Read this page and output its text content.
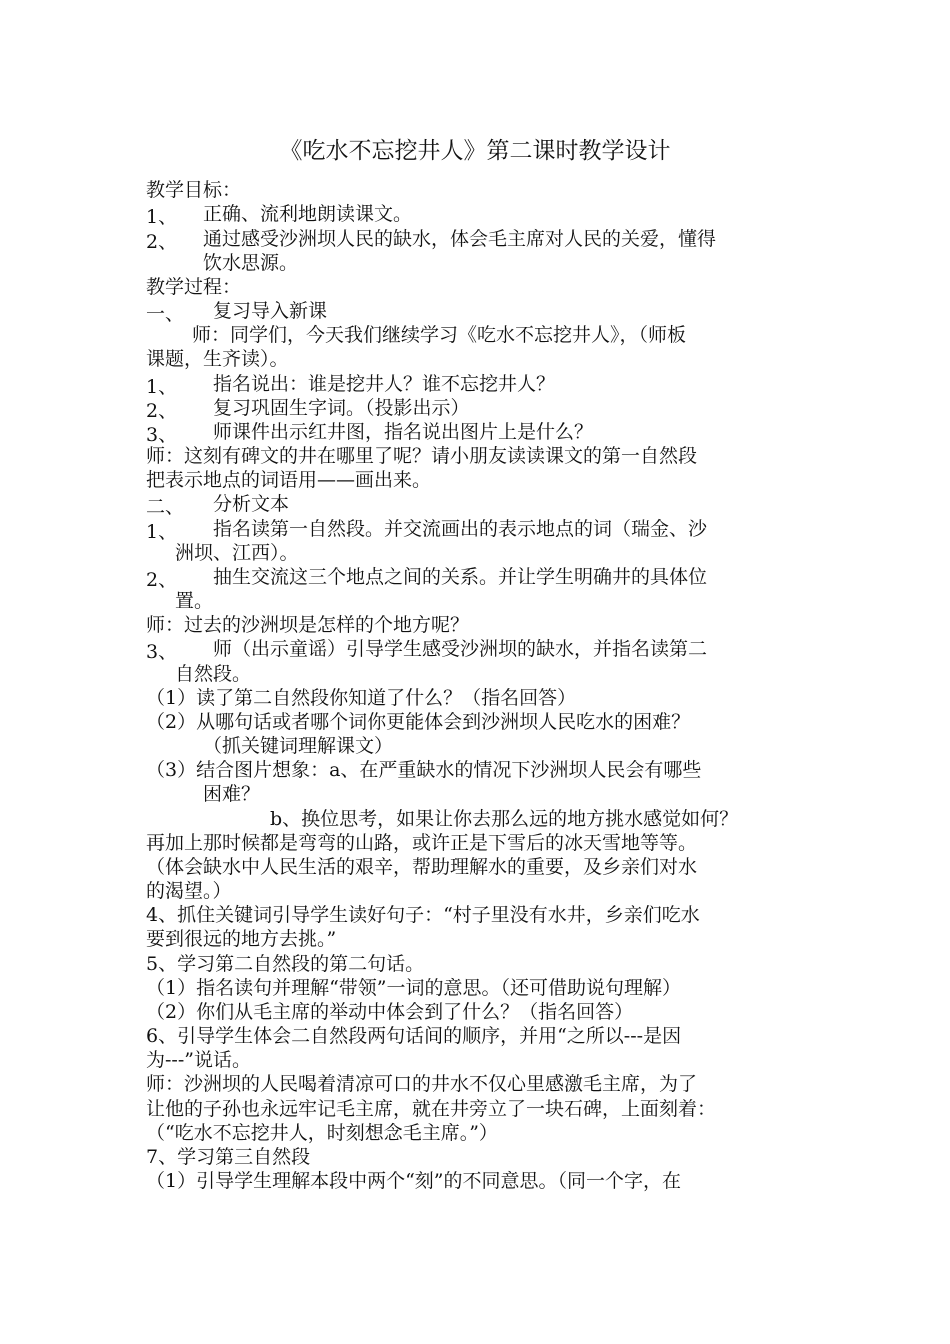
《吃水不忘挖井人》第二课时教学设计
教学目标：
1、 正确、流利地朗读课文。
2、 通过感受沙洲坝人民的缺水，体会毛主席对人民的关爱，懂得
饮水思源。
教学过程：
一、 复习导入新课
师：同学们，今天我们继续学习《吃水不忘挖井人》，（师板
课题，生齐读）。
1、 指名说出：谁是挖井人？谁不忘挖井人？
2、 复习巩固生字词。（投影出示）
3、 师课件出示红井图，指名说出图片上是什么？
师：这刻有碑文的井在哪里了呢？请小朋友读读课文的第一自然段
把表示地点的词语用——画出来。
二、 分析文本
1、 指名读第一自然段。并交流画出的表示地点的词（瑞金、沙
洲坝、江西）。
2、 抽生交流这三个地点之间的关系。并让学生明确井的具体位
置。
师：过去的沙洲坝是怎样的个地方呢？
3、 师（出示童谣）引导学生感受沙洲坝的缺水，并指名读第二
自然段。
（1）读了第二自然段你知道了什么？（指名回答）
（2）从哪句话或者哪个词你更能体会到沙洲坝人民吃水的困难？
（抓关键词理解课文）
（3）结合图片想象：a、在严重缺水的情况下沙洲坝人民会有哪些
困难？
b、换位思考，如果让你去那么远的地方挑水感觉如何？
再加上那时候都是弯弯的山路，或许正是下雪后的冰天雪地等等。
（体会缺水中人民生活的艰辛，帮助理解水的重要，及乡亲们对水
的渴望。）
4、抓住关键词引导学生读好句子：“村子里没有水井，乡亲们吃水
要到很远的地方去挑。”
5、学习第二自然段的第二句话。
（1）指名读句并理解“带领”一词的意思。（还可借助说句理解）
（2）你们从毛主席的举动中体会到了什么？（指名回答）
6、引导学生体会二自然段两句话间的顺序，并用“之所以---是因
为---”说话。
师：沙洲坝的人民喝着清凉可口的井水不仅心里感激毛主席，为了
让他的子孙也永远牢记毛主席，就在井旁立了一块石碑，上面刻着：
（“吃水不忘挖井人，时刻想念毛主席。”）
7、学习第三自然段
（1）引导学生理解本段中两个“刻”的不同意思。（同一个字，在
